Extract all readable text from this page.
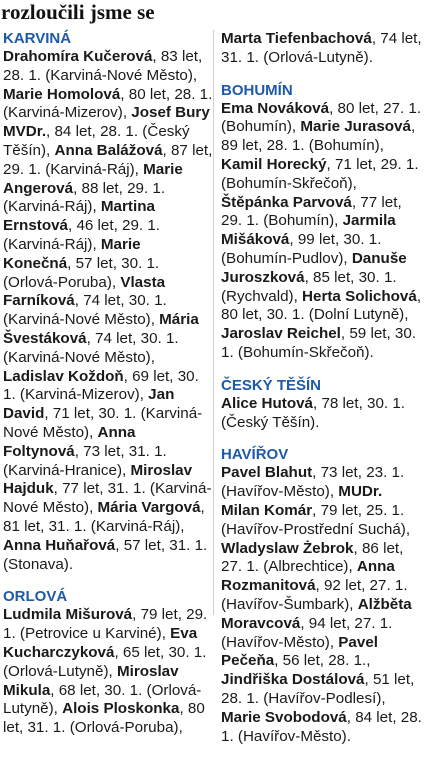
rozloučili jsme se
KARVINÁ
Drahomíra Kučerová, 83 let, 28. 1. (Karviná-Nové Město), Marie Homolová, 80 let, 28. 1. (Karviná-Mizerov), Josef Bury MVDr., 84 let, 28. 1. (Český Těšín), Anna Balážová, 87 let, 29. 1. (Karviná-Ráj), Marie Angerová, 88 let, 29. 1. (Karviná-Ráj), Martina Ernstová, 46 let, 29. 1. (Karviná-Ráj), Marie Konečná, 57 let, 30. 1. (Orlová-Poruba), Vlasta Farníková, 74 let, 30. 1. (Karviná-Nové Město), Mária Švestáková, 74 let, 30. 1. (Karviná-Nové Město), Ladislav Koždoň, 69 let, 30. 1. (Karviná-Mizerov), Jan David, 71 let, 30. 1. (Karviná-Nové Město), Anna Foltynová, 73 let, 31. 1. (Karviná-Hranice), Miroslav Hajduk, 77 let, 31. 1. (Karviná-Nové Město), Mária Vargová, 81 let, 31. 1. (Karviná-Ráj), Anna Huňařová, 57 let, 31. 1. (Stonava).
ORLOVÁ
Ludmila Mišurová, 79 let, 29. 1. (Petrovice u Karviné), Eva Kucharczyková, 65 let, 30. 1. (Orlová-Lutyně), Miroslav Mikula, 68 let, 30. 1. (Orlová-Lutyně), Alois Ploskonka, 80 let, 31. 1. (Orlová-Poruba),
Marta Tiefenbachová, 74 let, 31. 1. (Orlová-Lutyně).
BOHUMÍN
Ema Nováková, 80 let, 27. 1. (Bohumín), Marie Jurasová, 89 let, 28. 1. (Bohumín), Kamil Horecký, 71 let, 29. 1. (Bohumín-Skřečoň), Štěpánka Parvová, 77 let, 29. 1. (Bohumín), Jarmila Mišáková, 99 let, 30. 1. (Bohumín-Pudlov), Danuše Juroszková, 85 let, 30. 1. (Rychvald), Herta Solichová, 80 let, 30. 1. (Dolní Lutyně), Jaroslav Reichel, 59 let, 30. 1. (Bohumín-Skřečoň).
ČESKÝ TĚŠÍN
Alice Hutová, 78 let, 30. 1. (Český Těšín).
HAVÍŘOV
Pavel Blahut, 73 let, 23. 1. (Havířov-Město), MUDr. Milan Komár, 79 let, 25. 1. (Havířov-Prostřední Suchá), Wladyslaw Żebrok, 86 let, 27. 1. (Albrechtice), Anna Rozmanitová, 92 let, 27. 1. (Havířov-Šumbark), Alžběta Moravcová, 94 let, 27. 1. (Havířov-Město), Pavel Pečeňa, 56 let, 28. 1., Jindřiška Dostálová, 51 let, 28. 1. (Havířov-Podlesí), Marie Svobodová, 84 let, 28. 1. (Havířov-Město).
